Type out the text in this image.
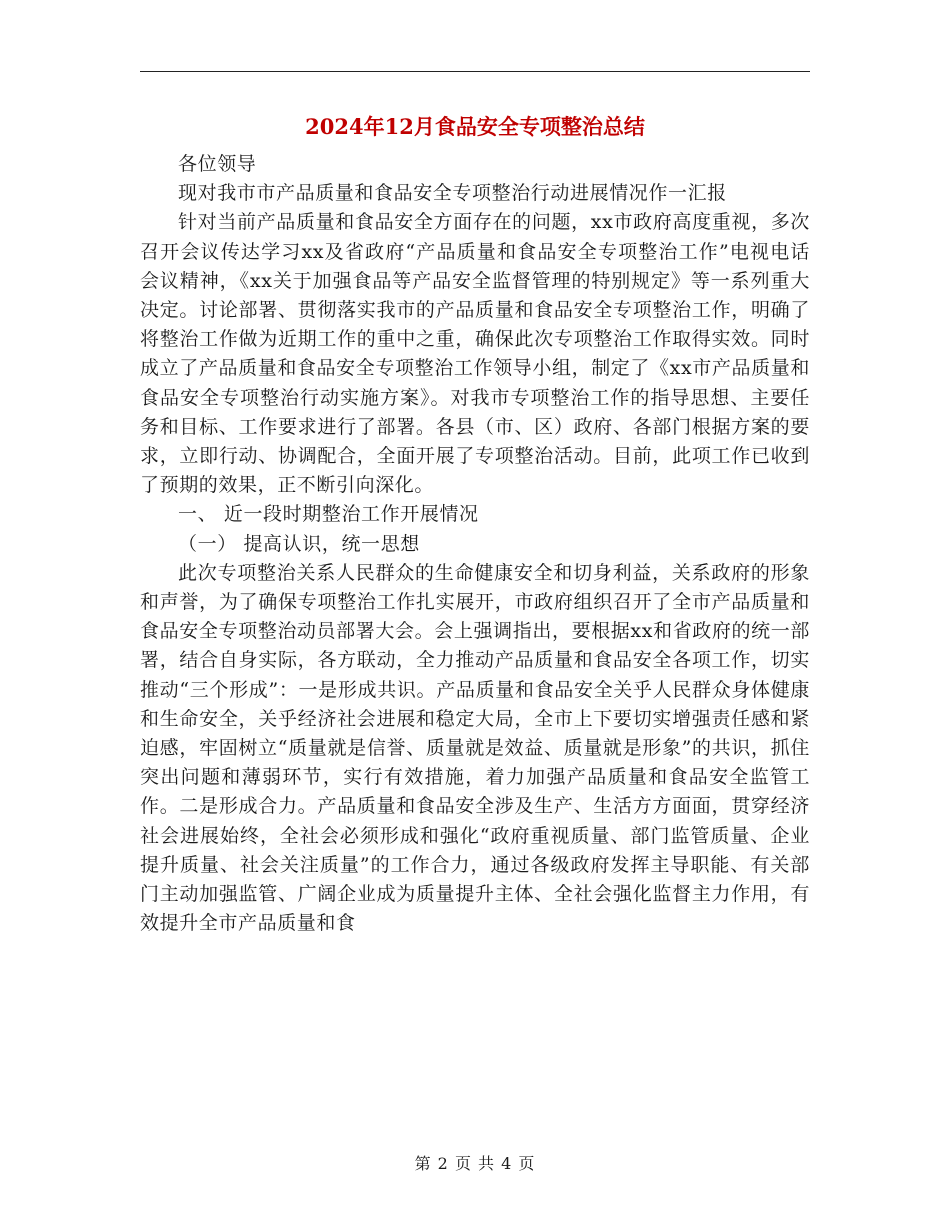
2024年12月食品安全专项整治总结

各位领导

现对我市市产品质量和食品安全专项整治行动进展情况作一汇报

针对当前产品质量和食品安全方面存在的问题，xx市政府高度重视，多次召开会议传达学习xx及省政府“产品质量和食品安全专项整治工作”电视电话会议精神，《xx关于加强食品等产品安全监督管理的特别规定》等一系列重大决定。讨论部署、贯彻落实我市的产品质量和食品安全专项整治工作，明确了将整治工作做为近期工作的重中之重，确保此次专项整治工作取得实效。同时成立了产品质量和食品安全专项整治工作领导小组，制定了《xx市产品质量和食品安全专项整治行动实施方案》。对我市专项整治工作的指导思想、主要任务和目标、工作要求进行了部署。各县（市、区）政府、各部门根据方案的要求，立即行动、协调配合，全面开展了专项整治活动。目前，此项工作已收到了预期的效果，正不断引向深化。

一、 近一段时期整治工作开展情况

（一） 提高认识，统一思想

此次专项整治关系人民群众的生命健康安全和切身利益，关系政府的形象和声誉，为了确保专项整治工作扎实展开，市政府组织召开了全市产品质量和食品安全专项整治动员部署大会。会上强调指出，要根据xx和省政府的统一部署，结合自身实际，各方联动，全力推动产品质量和食品安全各项工作，切实推动“三个形成”：一是形成共识。产品质量和食品安全关乎人民群众身体健康和生命安全，关乎经济社会进展和稳定大局，全市上下要切实增强责任感和紧迫感，牢固树立“质量就是信誉、质量就是效益、质量就是形象”的共识，抓住突出问题和薄弱环节，实行有效措施，着力加强产品质量和食品安全监管工作。二是形成合力。产品质量和食品安全涉及生产、生活方方面面，贯穿经济社会进展始终，全社会必须形成和强化“政府重视质量、部门监管质量、企业提升质量、社会关注质量”的工作合力，通过各级政府发挥主导职能、有关部门主动加强监管、广阔企业成为质量提升主体、全社会强化监督主力作用，有效提升全市产品质量和食

第 2 页 共 4 页
